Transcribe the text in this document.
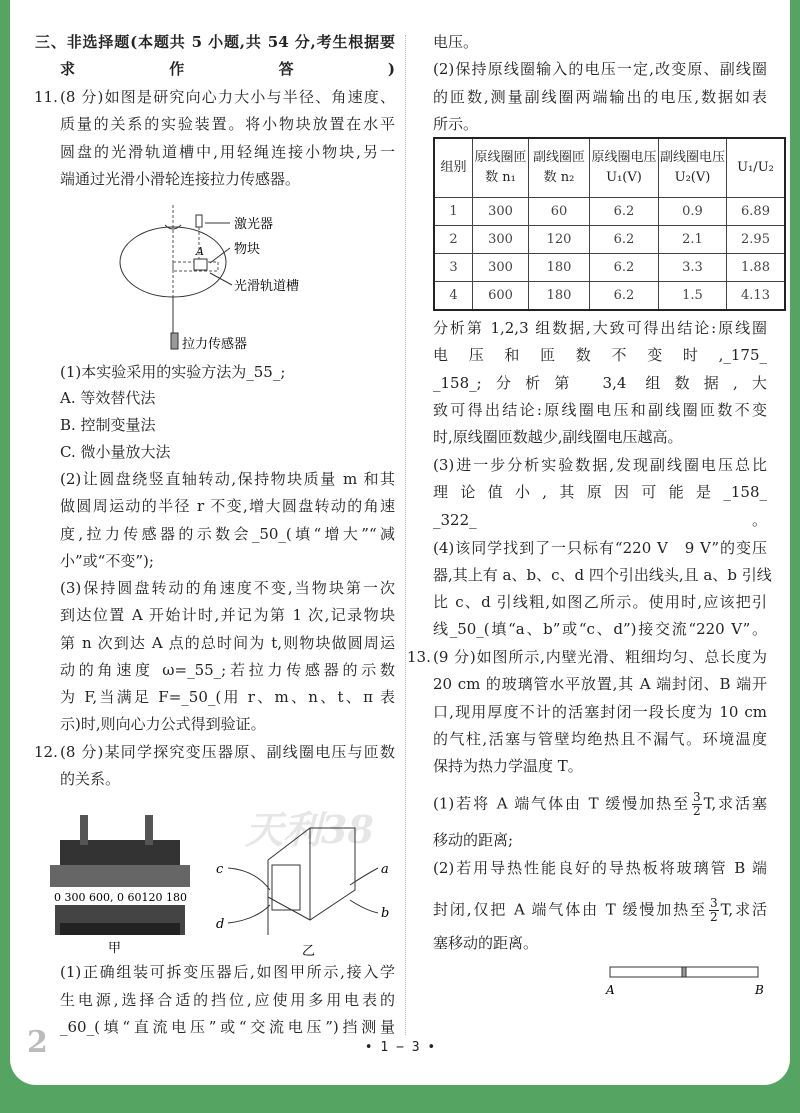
三、非选择题(本题共 5 小题,共 54 分,考生根据要
求作答)
(8 分)如图是研究向心力大小与半径、角速度、
11.
质量的关系的实验装置。将小物块放置在水平
圆盘的光滑轨道槽中,用轻绳连接小物块,另一
端通过光滑小滑轮连接拉力传感器。
(1)本实验采用的实验方法为_55_;
A. 等效替代法
B. 控制变量法
C. 微小量放大法
(2)让圆盘绕竖直轴转动,保持物块质量 m 和其
做圆周运动的半径 r 不变,增大圆盘转动的角速
度,拉力传感器的示数会_50_(填“增大”“减
小”或“不变”);
(3)保持圆盘转动的角速度不变,当物块第一次
到达位置 A 开始计时,并记为第 1 次,记录物块
第 n 次到达 A 点的总时间为 t,则物块做圆周运
动的角速度 ω=_55_;若拉力传感器的示数
为 F,当满足 F=_50_(用 r、m、n、t、π 表
示)时,则向心力公式得到验证。
(8 分)某同学探究变压器原、副线圈电压与匝数
12.
的关系。
(1)正确组装可拆变压器后,如图甲所示,接入学
生电源,选择合适的挡位,应使用多用电表的
_60_(填“直流电压”或“交流电压”)挡测量
电压。
(2)保持原线圈输入的电压一定,改变原、副线圈
的匝数,测量副线圈两端输出的电压,数据如表
所示。
分析第 1,2,3 组数据,大致可得出结论:原线圈
电压和匝数不变时,_175_
_158_;分析第 3,4 组数据,大
致可得出结论:原线圈电压和副线圈匝数不变
时,原线圈匝数越少,副线圈电压越高。
(3)进一步分析实验数据,发现副线圈电压总比
理论值小,其原因可能是_158_
_322_。
(4)该同学找到了一只标有“220 V　9 V”的变压
器,其上有 a、b、c、d 四个引出线头,且 a、b 引线
比 c、d 引线粗,如图乙所示。使用时,应该把引
线_50_(填“a、b”或“c、d”)接交流“220 V”。
(9 分)如图所示,内壁光滑、粗细均匀、总长度为
13.
20 cm 的玻璃管水平放置,其 A 端封闭、B 端开
口,现用厚度不计的活塞封闭一段长度为 10 cm
的气柱,活塞与管壁均绝热且不漏气。环境温度
保持为热力学温度 T。
(1)若将 A 端气体由 T 缓慢加热至 $\frac{3}{2} T$,求活塞
移动的距离;
(2)若用导热性能良好的导热板将玻璃管 B 端
封闭,仅把 A 端气体由 T 缓慢加热至 $\frac{3}{2} T$,求活
塞移动的距离。
A
激光器
物块
光滑轨道槽
拉力传感器
天利38
0 300 600, 0 60120 180
甲
c
d
a
b
乙
A	B
组别	原线圈匝数 n₁	副线圈匝数 n₂	原线圈电压 U₁(V)	副线圈电压 U₂(V)	U₁/U₂
1	300	60	6.2	0.9	6.89
2	300	120	6.2	2.1	2.95
3	300	180	6.2	3.3	1.88
4	600	180	6.2	1.5	4.13
2	• 1 − 3 •
